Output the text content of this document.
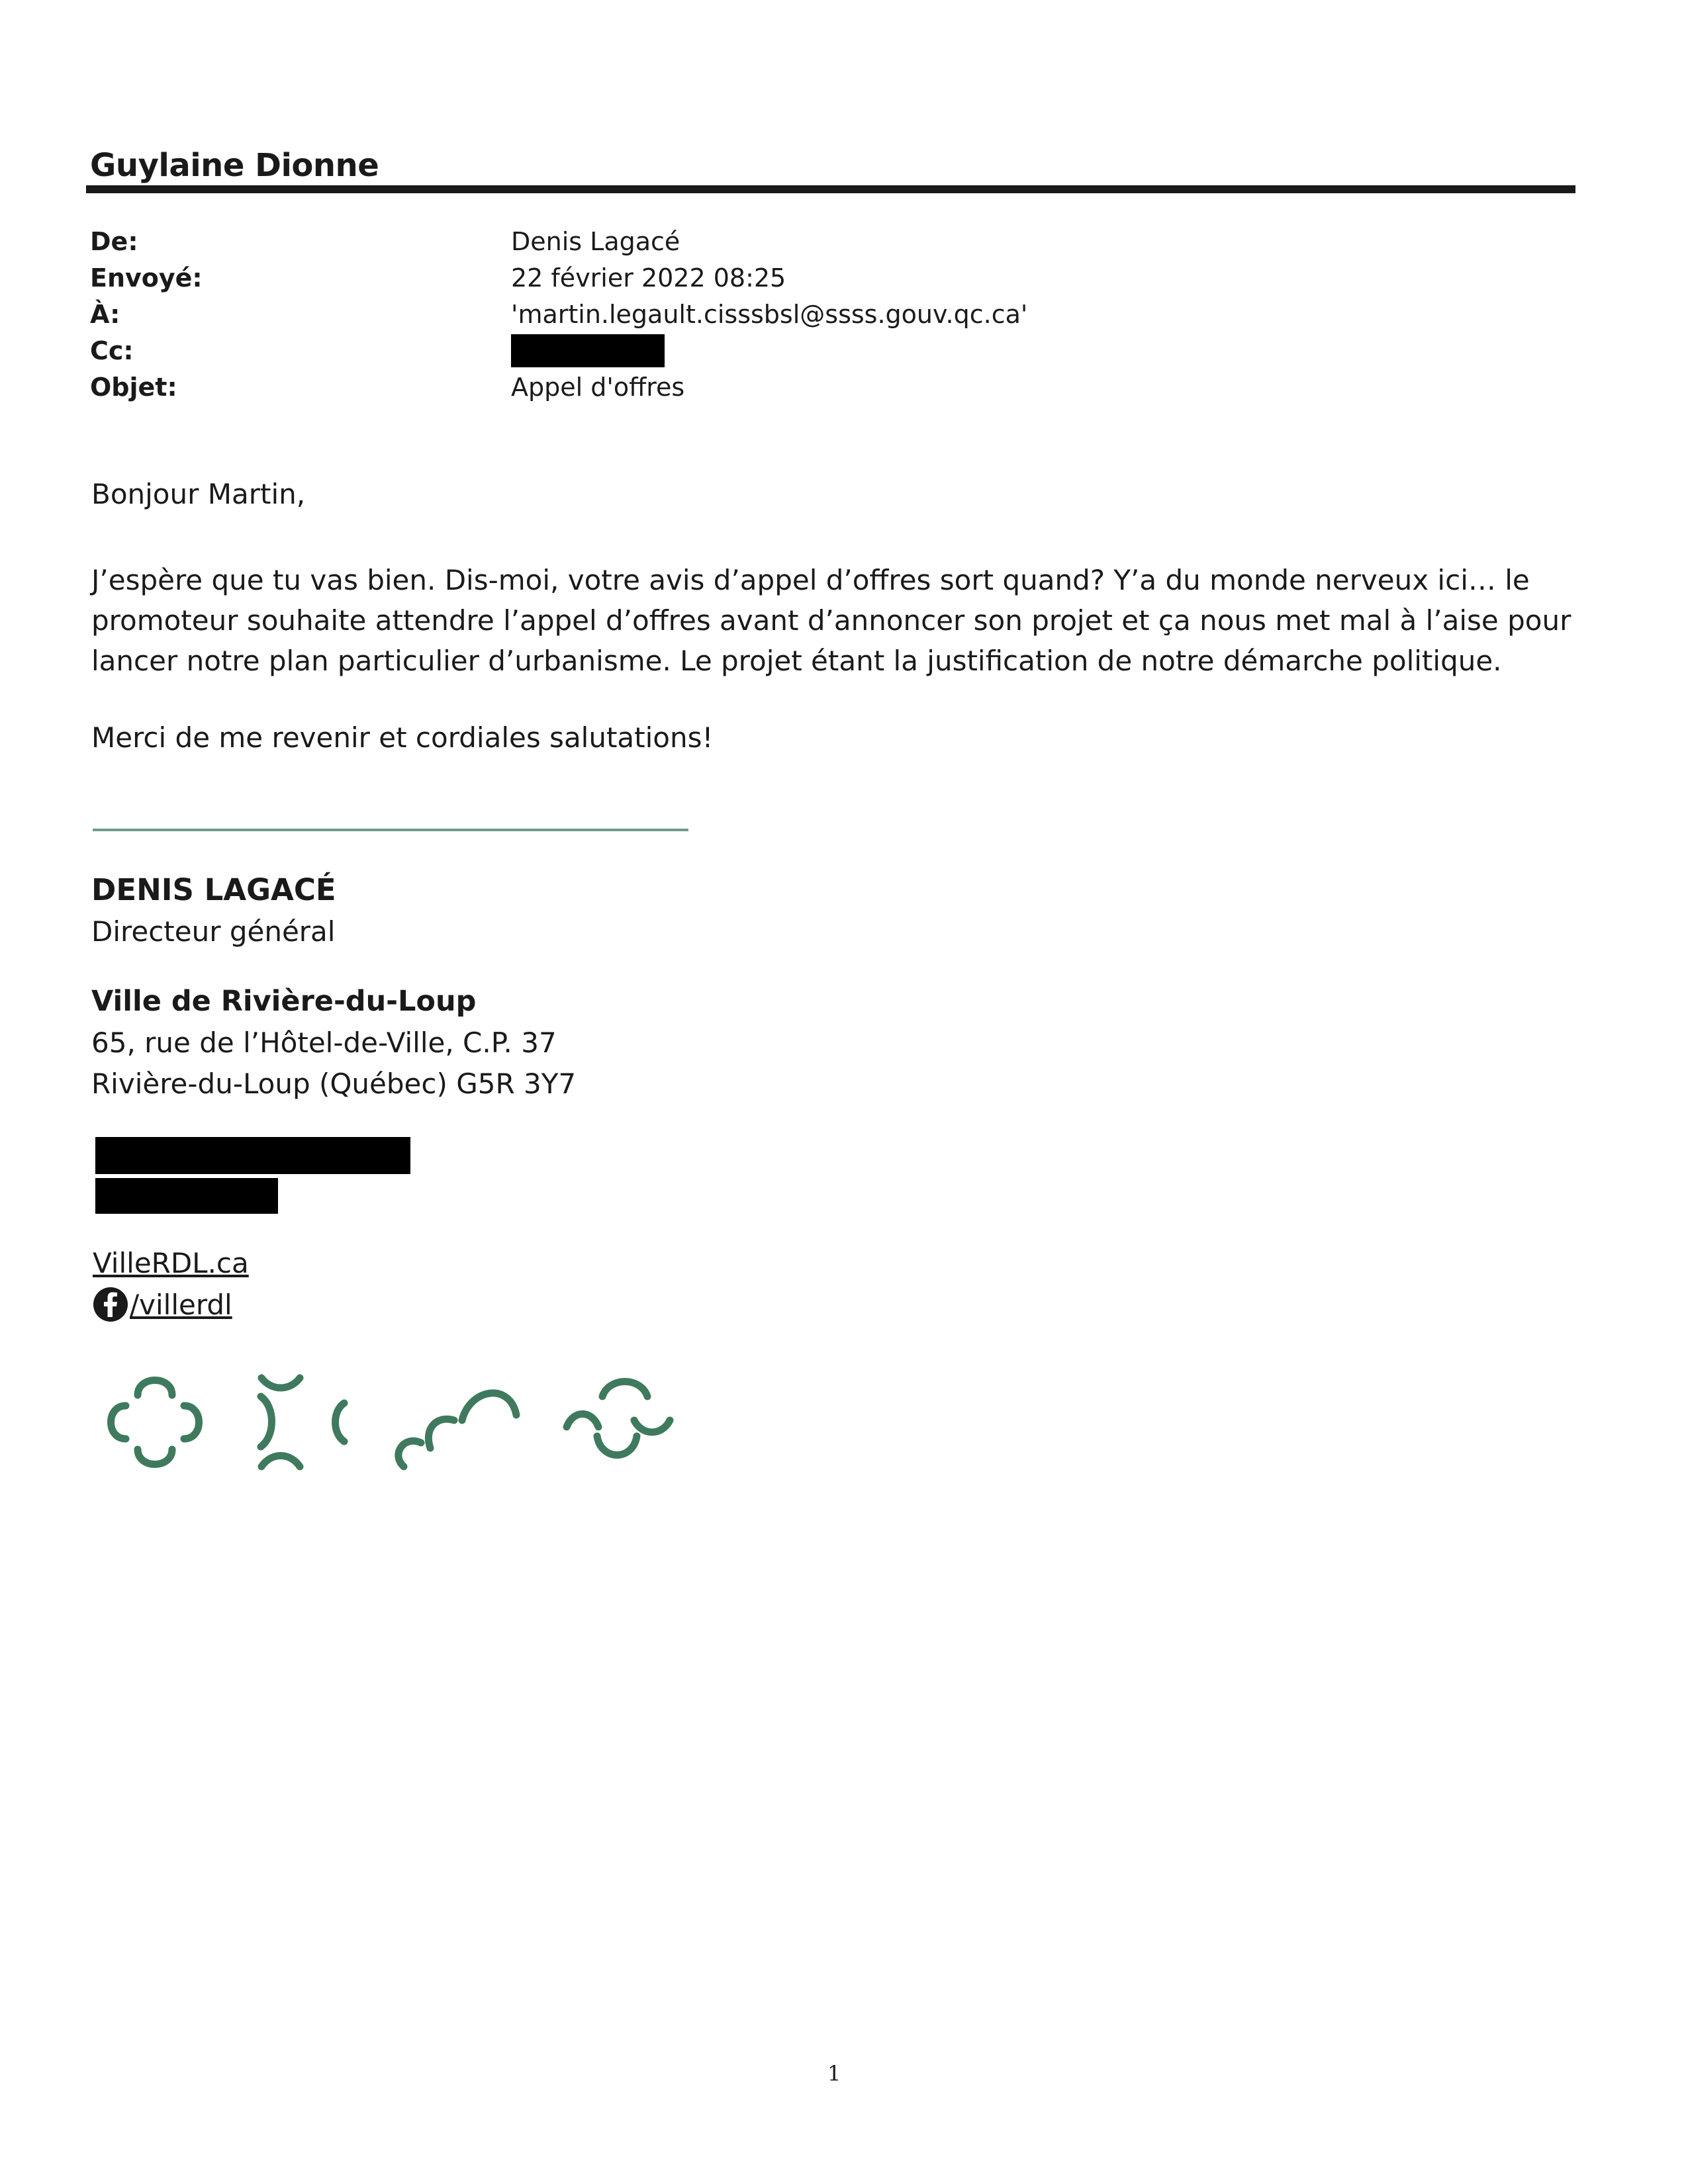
Guylaine Dionne
De:	Denis Lagacé
Envoyé:	22 février 2022 08:25
À:	'martin.legault.cisssbsl@ssss.gouv.qc.ca'
Cc:
Objet:	Appel d'offres
Bonjour Martin,
J’espère que tu vas bien. Dis-moi, votre avis d’appel d’offres sort quand? Y’a du monde nerveux ici… le
promoteur souhaite attendre l’appel d’offres avant d’annoncer son projet et ça nous met mal à l’aise pour
lancer notre plan particulier d’urbanisme. Le projet étant la justification de notre démarche politique.
Merci de me revenir et cordiales salutations!
DENIS LAGACÉ
Directeur général
Ville de Rivière-du-Loup
65, rue de l’Hôtel-de-Ville, C.P. 37
Rivière-du-Loup (Québec) G5R 3Y7
VilleRDL.ca
/villerdl
1
